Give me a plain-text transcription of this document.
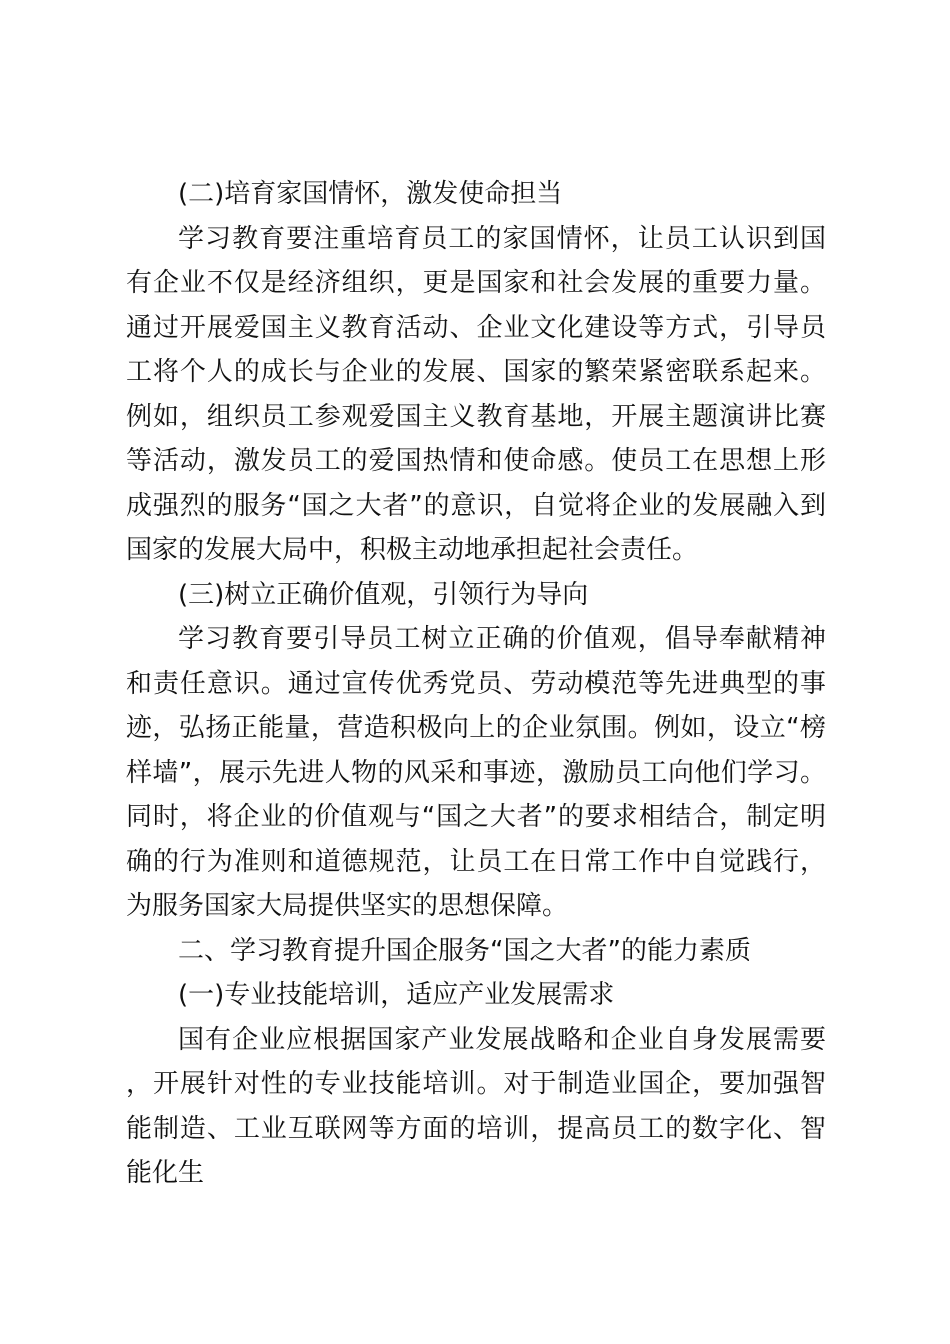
(二)培育家国情怀，激发使命担当

学习教育要注重培育员工的家国情怀，让员工认识到国有企业不仅是经济组织，更是国家和社会发展的重要力量。通过开展爱国主义教育活动、企业文化建设等方式，引导员工将个人的成长与企业的发展、国家的繁荣紧密联系起来。例如，组织员工参观爱国主义教育基地，开展主题演讲比赛等活动，激发员工的爱国热情和使命感。使员工在思想上形成强烈的服务“国之大者”的意识，自觉将企业的发展融入到国家的发展大局中，积极主动地承担起社会责任。

(三)树立正确价值观，引领行为导向

学习教育要引导员工树立正确的价值观，倡导奉献精神和责任意识。通过宣传优秀党员、劳动模范等先进典型的事迹，弘扬正能量，营造积极向上的企业氛围。例如，设立“榜样墙”，展示先进人物的风采和事迹，激励员工向他们学习。同时，将企业的价值观与“国之大者”的要求相结合，制定明确的行为准则和道德规范，让员工在日常工作中自觉践行，为服务国家大局提供坚实的思想保障。

二、学习教育提升国企服务“国之大者”的能力素质

(一)专业技能培训，适应产业发展需求

国有企业应根据国家产业发展战略和企业自身发展需要，开展针对性的专业技能培训。对于制造业国企，要加强智能制造、工业互联网等方面的培训，提高员工的数字化、智能化生
